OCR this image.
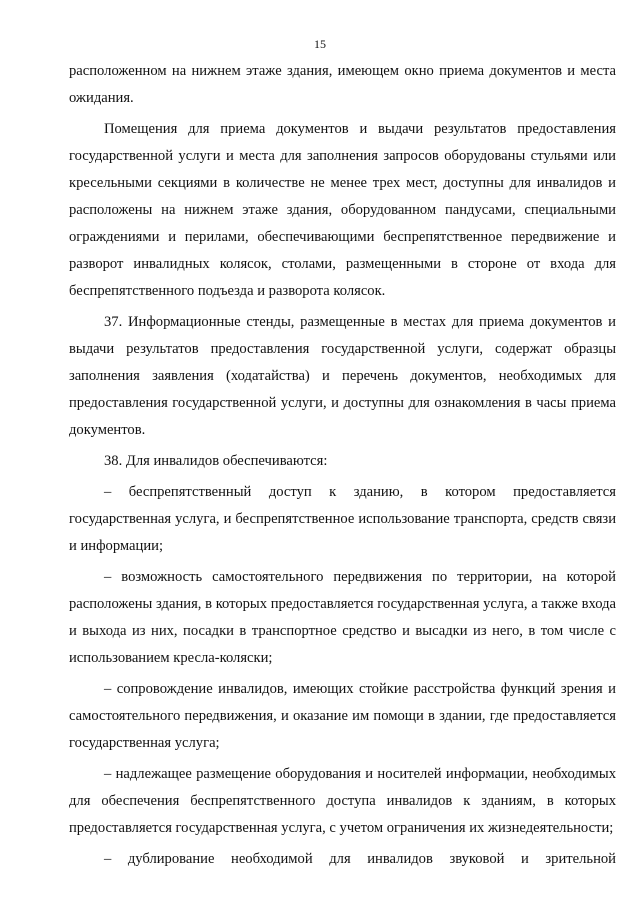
15

расположенном на нижнем этаже здания, имеющем окно приема документов и места ожидания.

Помещения для приема документов и выдачи результатов предоставления государственной услуги и места для заполнения запросов оборудованы стульями или кресельными секциями в количестве не менее трех мест, доступны для инвалидов и расположены на нижнем этаже здания, оборудованном пандусами, специальными ограждениями и перилами, обеспечивающими беспрепятственное передвижение и разворот инвалидных колясок, столами, размещенными в стороне от входа для беспрепятственного подъезда и разворота колясок.

37. Информационные стенды, размещенные в местах для приема документов и выдачи результатов предоставления государственной услуги, содержат образцы заполнения заявления (ходатайства) и перечень документов, необходимых для предоставления государственной услуги, и доступны для ознакомления в часы приема документов.

38. Для инвалидов обеспечиваются:

– беспрепятственный доступ к зданию, в котором предоставляется государственная услуга, и беспрепятственное использование транспорта, средств связи и информации;

– возможность самостоятельного передвижения по территории, на которой расположены здания, в которых предоставляется государственная услуга, а также входа и выхода из них, посадки в транспортное средство и высадки из него, в том числе с использованием кресла-коляски;

– сопровождение инвалидов, имеющих стойкие расстройства функций зрения и самостоятельного передвижения, и оказание им помощи в здании, где предоставляется государственная услуга;

– надлежащее размещение оборудования и носителей информации, необходимых для обеспечения беспрепятственного доступа инвалидов к зданиям, в которых предоставляется государственная услуга, с учетом ограничения их жизнедеятельности;

– дублирование необходимой для инвалидов звуковой и зрительной
